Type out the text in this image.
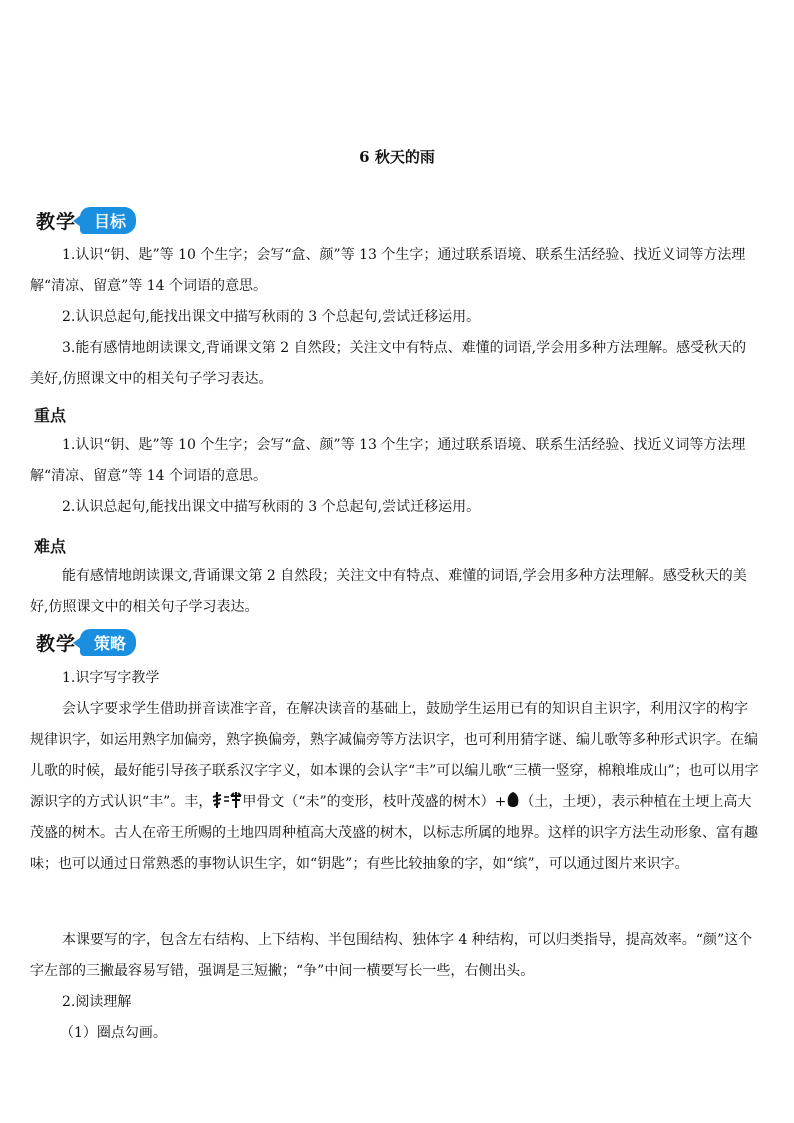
6 秋天的雨
教学	目标
1.认识“钥、匙”等 10 个生字；会写“盒、颜”等 13 个生字；通过联系语境、联系生活经验、找近义词等方法理解“清凉、留意”等 14 个词语的意思。
2.认识总起句,能找出课文中描写秋雨的 3 个总起句,尝试迁移运用。
3.能有感情地朗读课文,背诵课文第 2 自然段；关注文中有特点、难懂的词语,学会用多种方法理解。感受秋天的美好,仿照课文中的相关句子学习表达。
重点
1.认识“钥、匙”等 10 个生字；会写“盒、颜”等 13 个生字；通过联系语境、联系生活经验、找近义词等方法理解“清凉、留意”等 14 个词语的意思。
2.认识总起句,能找出课文中描写秋雨的 3 个总起句,尝试迁移运用。
难点
能有感情地朗读课文,背诵课文第 2 自然段；关注文中有特点、难懂的词语,学会用多种方法理解。感受秋天的美好,仿照课文中的相关句子学习表达。
教学	策略
1.识字写字教学
会认字要求学生借助拼音读准字音，在解决读音的基础上，鼓励学生运用已有的知识自主识字，利用汉字的构字规律识字，如运用熟字加偏旁，熟字换偏旁，熟字减偏旁等方法识字，也可利用猜字谜、编儿歌等多种形式识字。在编儿歌的时候，最好能引导孩子联系汉字字义，如本课的会认字“丰”可以编儿歌“三横一竖穿，棉粮堆成山”；也可以用字源识字的方式认识“丰”。丰， 甲骨文（“未”的变形，枝叶茂盛的树木）+ （土，土埂），表示种植在土埂上高大茂盛的树木。古人在帝王所赐的土地四周种植高大茂盛的树木，以标志所属的地界。这样的识字方法生动形象、富有趣味；也可以通过日常熟悉的事物认识生字，如“钥匙”；有些比较抽象的字，如“缤”，可以通过图片来识字。
本课要写的字，包含左右结构、上下结构、半包围结构、独体字 4 种结构，可以归类指导，提高效率。“颜”这个字左部的三撇最容易写错，强调是三短撇；“争”中间一横要写长一些，右侧出头。
2.阅读理解
（1）圈点勾画。
